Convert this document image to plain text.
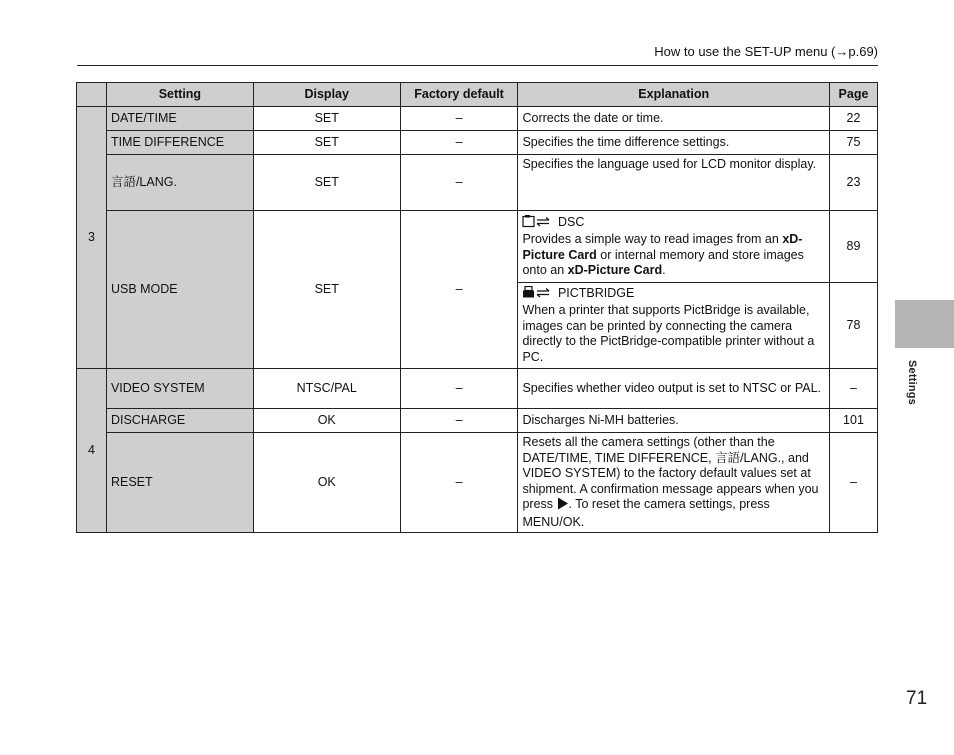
How to use the SET-UP menu (→p.69)
	Setting	Display	Factory default	Explanation	Page
3	DATE/TIME	SET	–	Corrects the date or time.	22
	TIME DIFFERENCE	SET	–	Specifies the time difference settings.	75
	言語/LANG.	SET	–	Specifies the language used for LCD monitor display.	23
	USB MODE	SET	–	DSC
Provides a simple way to read images from an xD-Picture Card or internal memory and store images onto an xD-Picture Card.	89

				PICTBRIDGE
When a printer that supports PictBridge is available, images can be printed by connecting the camera directly to the PictBridge-compatible printer without a PC.	78
4	VIDEO SYSTEM	NTSC/PAL	–	Specifies whether video output is set to NTSC or PAL.	–
	DISCHARGE	OK	–	Discharges Ni-MH batteries.	101
	RESET	OK	–	Resets all the camera settings (other than the DATE/TIME, TIME DIFFERENCE, 言語/LANG., and VIDEO SYSTEM) to the factory default values set at shipment. A confirmation message appears when you press . To reset the camera settings, press MENU/OK.	–
Settings
71
